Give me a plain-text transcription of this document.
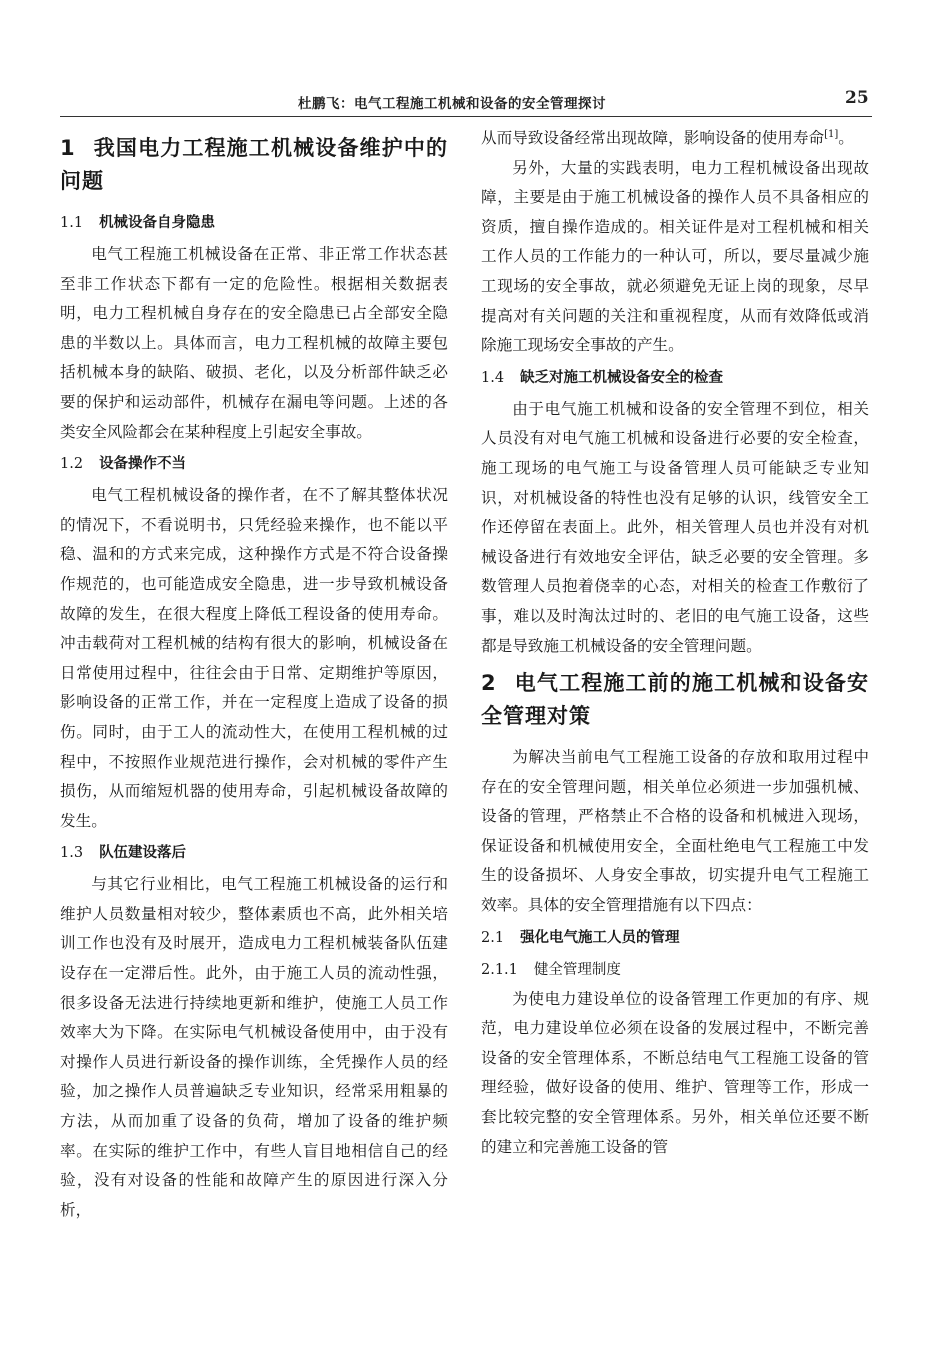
杜鹏飞：电气工程施工机械和设备的安全管理探讨	25
1 我国电力工程施工机械设备维护中的问题
1.1 机械设备自身隐患

电气工程施工机械设备在正常、非正常工作状态甚至非工作状态下都有一定的危险性。根据相关数据表明，电力工程机械自身存在的安全隐患已占全部安全隐患的半数以上。具体而言，电力工程机械的故障主要包括机械本身的缺陷、破损、老化，以及分析部件缺乏必要的保护和运动部件，机械存在漏电等问题。上述的各类安全风险都会在某种程度上引起安全事故。

1.2 设备操作不当

电气工程机械设备的操作者，在不了解其整体状况的情况下，不看说明书，只凭经验来操作，也不能以平稳、温和的方式来完成，这种操作方式是不符合设备操作规范的，也可能造成安全隐患，进一步导致机械设备故障的发生，在很大程度上降低工程设备的使用寿命。冲击载荷对工程机械的结构有很大的影响，机械设备在日常使用过程中，往往会由于日常、定期维护等原因，影响设备的正常工作，并在一定程度上造成了设备的损伤。同时，由于工人的流动性大，在使用工程机械的过程中，不按照作业规范进行操作，会对机械的零件产生损伤，从而缩短机器的使用寿命，引起机械设备故障的发生。

1.3 队伍建设落后

与其它行业相比，电气工程施工机械设备的运行和维护人员数量相对较少，整体素质也不高，此外相关培训工作也没有及时展开，造成电力工程机械装备队伍建设存在一定滞后性。此外，由于施工人员的流动性强，很多设备无法进行持续地更新和维护，使施工人员工作效率大为下降。在实际电气机械设备使用中，由于没有对操作人员进行新设备的操作训练，全凭操作人员的经验，加之操作人员普遍缺乏专业知识，经常采用粗暴的方法，从而加重了设备的负荷，增加了设备的维护频率。在实际的维护工作中，有些人盲目地相信自己的经验，没有对设备的性能和故障产生的原因进行深入分析，

从而导致设备经常出现故障，影响设备的使用寿命[1]。

另外，大量的实践表明，电力工程机械设备出现故障，主要是由于施工机械设备的操作人员不具备相应的资质，擅自操作造成的。相关证件是对工程机械和相关工作人员的工作能力的一种认可，所以，要尽量减少施工现场的安全事故，就必须避免无证上岗的现象，尽早提高对有关问题的关注和重视程度，从而有效降低或消除施工现场安全事故的产生。

1.4 缺乏对施工机械设备安全的检查

由于电气施工机械和设备的安全管理不到位，相关人员没有对电气施工机械和设备进行必要的安全检查，施工现场的电气施工与设备管理人员可能缺乏专业知识，对机械设备的特性也没有足够的认识，线管安全工作还停留在表面上。此外，相关管理人员也并没有对机械设备进行有效地安全评估，缺乏必要的安全管理。多数管理人员抱着侥幸的心态，对相关的检查工作敷衍了事，难以及时淘汰过时的、老旧的电气施工设备，这些都是导致施工机械设备的安全管理问题。

2 电气工程施工前的施工机械和设备安全管理对策

为解决当前电气工程施工设备的存放和取用过程中存在的安全管理问题，相关单位必须进一步加强机械、设备的管理，严格禁止不合格的设备和机械进入现场，保证设备和机械使用安全，全面杜绝电气工程施工中发生的设备损坏、人身安全事故，切实提升电气工程施工效率。具体的安全管理措施有以下四点：

2.1 强化电气施工人员的管理
2.1.1 健全管理制度

为使电力建设单位的设备管理工作更加的有序、规范，电力建设单位必须在设备的发展过程中，不断完善设备的安全管理体系，不断总结电气工程施工设备的管理经验，做好设备的使用、维护、管理等工作，形成一套比较完整的安全管理体系。另外，相关单位还要不断的建立和完善施工设备的管
